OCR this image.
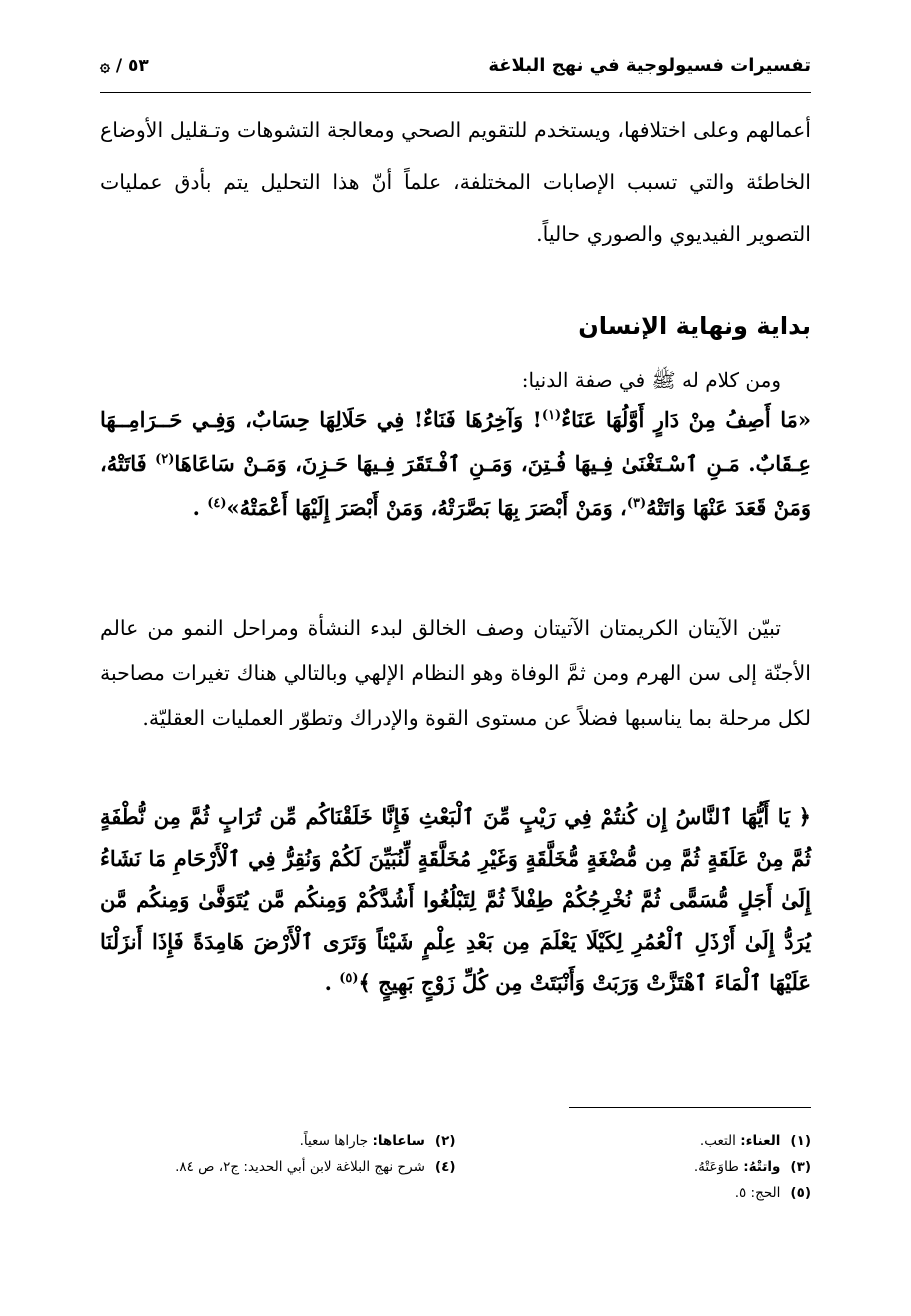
تفسيرات فسيولوجية في نهج البلاغة
٥٣ / ۞
أعمالهم وعلى اختلافها، ويستخدم للتقويم الصحي ومعالجة التشوهات وتـقليل الأوضاع الخاطئة والتي تسبب الإصابات المختلفة، علماً أنّ هذا التحليل يتم بأدق عمليات التصوير الفيديوي والصوري حالياً.
بداية ونهاية الإنسان
ومن كلام له ﷺ في صفة الدنيا:
«مَا أَصِفُ مِنْ دَارٍ أَوَّلُهَا عَنَاءٌ$^{(١)}$! وَآخِرُهَا فَنَاءٌ! فِي حَلَالِهَا حِسَابٌ، وَفِـي حَــرَامِــهَا عِـقَابٌ. مَـنِ ٱسْـتَغْنَىٰ فِـيهَا فُـتِنَ، وَمَـنِ ٱفْـتَقَرَ فِـيهَا حَـزِنَ، وَمَـنْ سَاعَاهَا$^{(٢)}$ فَاتَتْهُ، وَمَنْ قَعَدَ عَنْهَا وَاتَتْهُ$^{(٣)}$، وَمَنْ أَبْصَرَ بِهَا بَصَّرَتْهُ، وَمَنْ أَبْصَرَ إِلَيْهَا أَعْمَتْهُ»$^{(٤)}$ .
تبيّن الآيتان الكريمتان الآتيتان وصف الخالق لبدء النشأة ومراحل النمو من عالم الأجنّة إلى سن الهرم ومن ثمَّ الوفاة وهو النظام الإلهي وبالتالي هناك تغيرات مصاحبة لكل مرحلة بما يناسبها فضلاً عن مستوى القوة والإدراك وتطوّر العمليات العقليّة.
﴿ يَا أَيُّهَا ٱلنَّاسُ إِن كُنتُمْ فِي رَيْبٍ مِّنَ ٱلْبَعْثِ فَإِنَّا خَلَقْنَاكُم مِّن تُرَابٍ ثُمَّ مِن نُّطْفَةٍ ثُمَّ مِنْ عَلَقَةٍ ثُمَّ مِن مُّضْغَةٍ مُّخَلَّقَةٍ وَغَيْرِ مُخَلَّقَةٍ لِّنُبَيِّنَ لَكُمْ وَنُقِرُّ فِي ٱلْأَرْحَامِ مَا نَشَاءُ إِلَىٰ أَجَلٍ مُّسَمًّى ثُمَّ نُخْرِجُكُمْ طِفْلاً ثُمَّ لِتَبْلُغُوا أَشُدَّكُمْ وَمِنكُم مَّن يُتَوَفَّىٰ وَمِنكُم مَّن يُرَدُّ إِلَىٰ أَرْذَلِ ٱلْعُمُرِ لِكَيْلَا يَعْلَمَ مِن بَعْدِ عِلْمٍ شَيْئاً وَتَرَى ٱلْأَرْضَ هَامِدَةً فَإِذَا أَنزَلْنَا عَلَيْهَا ٱلْمَاءَ ٱهْتَزَّتْ وَرَبَتْ وَأَنْبَتَتْ مِن كُلِّ زَوْجٍ بَهِيجٍ ﴾$^{(٥)}$ .
(١)العناء: التعب.
(٢)ساعاها: جاراها سعياً.
(٣)واتتْهُ: طاوَعَتْهُ.
(٤)شرح نهج البلاغة لابن أبي الحديد: ج٢، ص ٨٤.
(٥)الحج: ٥.
